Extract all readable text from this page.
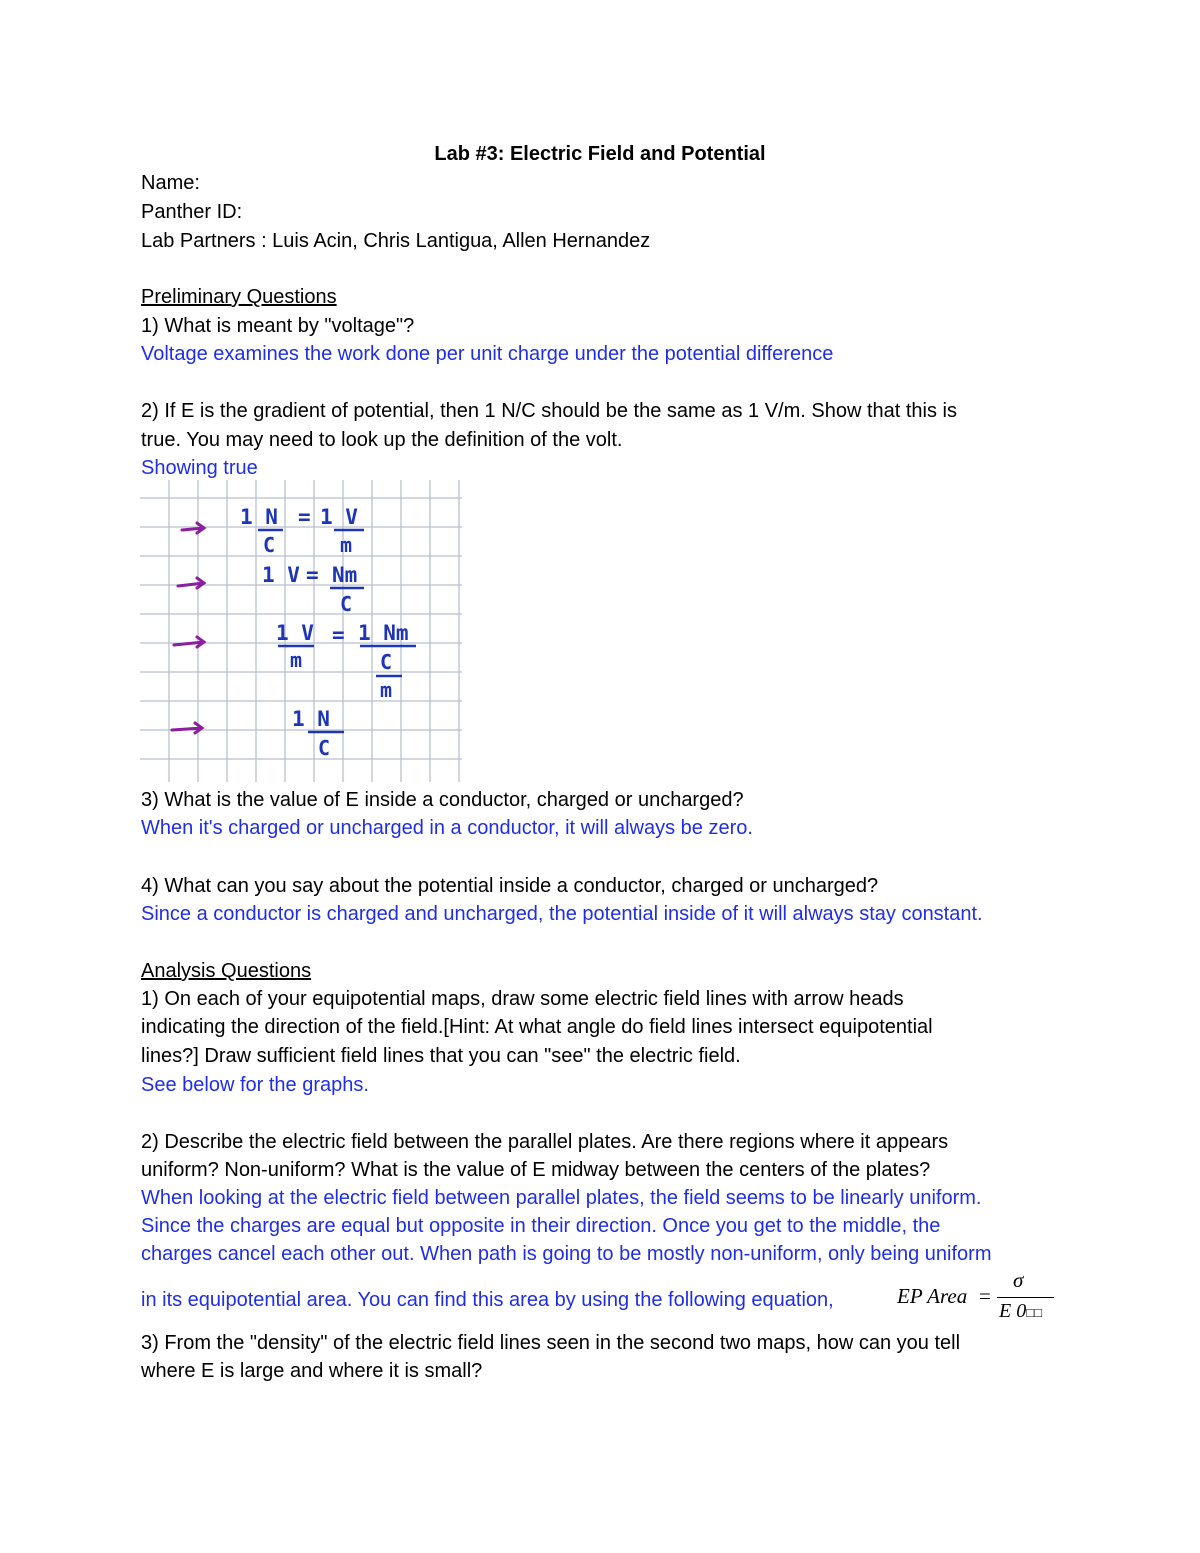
Lab #3: Electric Field and Potential

Name:

Panther ID:

Lab Partners : Luis Acin, Chris Lantigua, Allen Hernandez

Preliminary Questions

1) What is meant by "voltage"?

Voltage examines the work done per unit charge under the potential difference

2) If E is the gradient of potential, then 1 N/C should be the same as 1 V/m. Show that this is

true. You may need to look up the definition of the volt.

Showing true

1 N
C
= 1 V
m
1 V = Nm
C
1 V
m
= 1 Nm
C
m
1 N
C

3) What is the value of E inside a conductor, charged or uncharged?

When it's charged or uncharged in a conductor, it will always be zero.

4) What can you say about the potential inside a conductor, charged or uncharged?

Since a conductor is charged and uncharged, the potential inside of it will always stay constant.

Analysis Questions

1) On each of your equipotential maps, draw some electric field lines with arrow heads

indicating the direction of the field.[Hint: At what angle do field lines intersect equipotential

lines?] Draw sufficient field lines that you can "see" the electric field.

See below for the graphs.

2) Describe the electric field between the parallel plates. Are there regions where it appears

uniform? Non-uniform? What is the value of E midway between the centers of the plates?

When looking at the electric field between parallel plates, the field seems to be linearly uniform.

Since the charges are equal but opposite in their direction. Once you get to the middle, the

charges cancel each other out. When path is going to be mostly non-uniform, only being uniform

in its equipotential area. You can find this area by using the following equation,	EP Area =
σ
E 0□□

3) From the "density" of the electric field lines seen in the second two maps, how can you tell

where E is large and where it is small?
